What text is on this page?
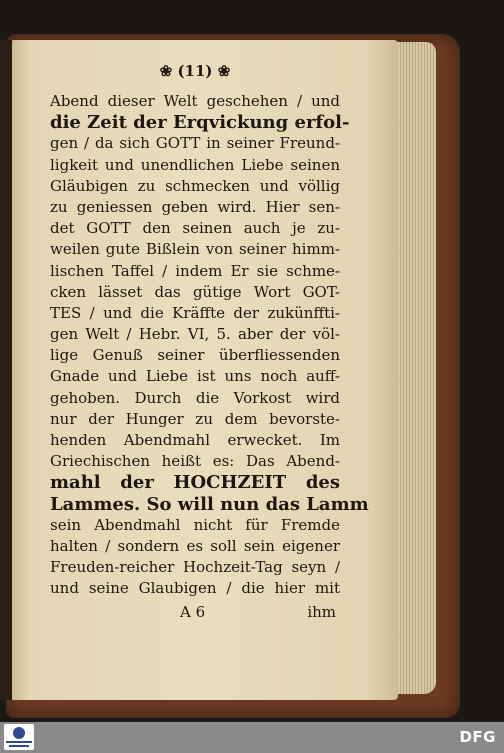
❀ (11) ❀
Abend dieser Welt geschehen / und
die Zeit der Erqvickung erfol-
gen / da sich GOTT in seiner Freund-
ligkeit und unendlichen Liebe seinen
Gläubigen zu schmecken und völlig
zu geniessen geben wird. Hier sen-
det GOTT den seinen auch je zu-
weilen gute Bißlein von seiner himm-
lischen Taffel / indem Er sie schme-
cken lässet das gütige Wort GOT-
TES / und die Kräffte der zukünffti-
gen Welt / Hebr. VI, 5. aber der völ-
lige Genuß seiner überfliessenden
Gnade und Liebe ist uns noch auff-
gehoben. Durch die Vorkost wird
nur der Hunger zu dem bevorste-
henden Abendmahl erwecket. Im
Griechischen heißt es: Das Abend-
mahl der HOCHZEIT des
Lammes. So will nun das Lamm
sein Abendmahl nicht für Fremde
halten / sondern es soll sein eigener
Freuden-reicher Hochzeit-Tag seyn /
und seine Glaubigen / die hier mit
A 6	ihm
DFG
